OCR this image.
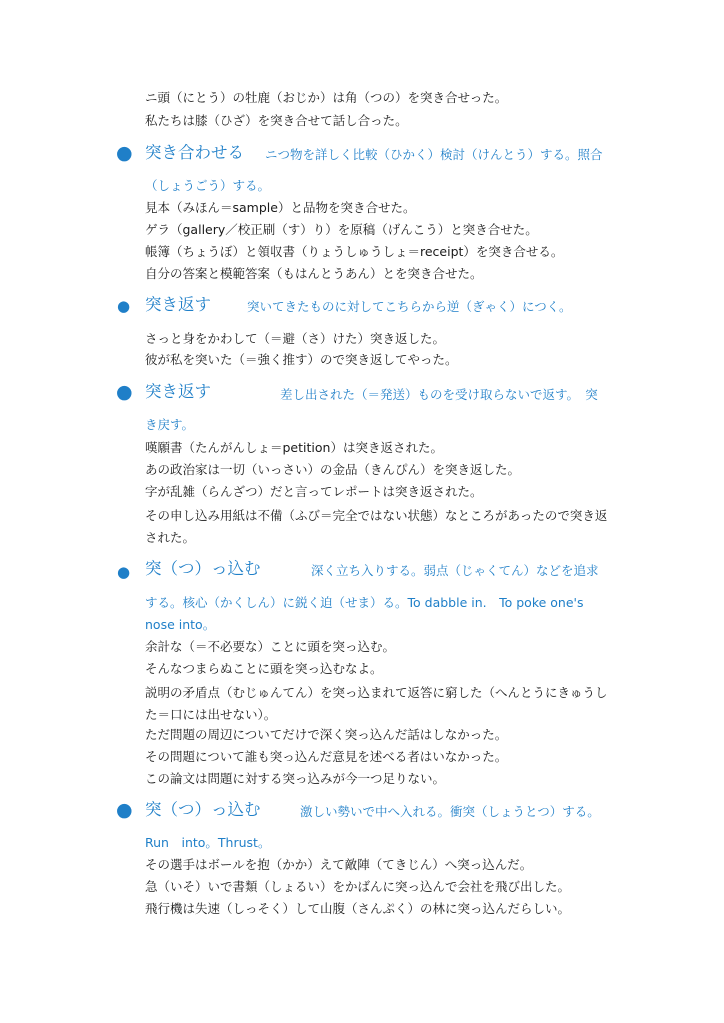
ニ頭（にとう）の牡鹿（おじか）は角（つの）を突き合せった。
私たちは膝（ひざ）を突き合せて話し合った。
● 突き合わせる ニつ物を詳しく比較（ひかく）検討（けんとう）する。照合
（しょうごう）する。
見本（みほん＝sample）と品物を突き合せた。
ゲラ（gallery／校正刷（す）り）を原稿（げんこう）と突き合せた。
帳簿（ちょうぼ）と領収書（りょうしゅうしょ＝receipt）を突き合せる。
自分の答案と模範答案（もはんとうあん）とを突き合せた。
● 突き返す	突いてきたものに対してこちらから逆（ぎゃく）につく。
さっと身をかわして（＝避（さ）けた）突き返した。
彼が私を突いた（＝強く推す）ので突き返してやった。
● 突き返す	差し出された（＝発送）ものを受け取らないで返す。　突
き戻す。
嘆願書（たんがんしょ＝petition）は突き返された。
あの政治家は一切（いっさい）の金品（きんぴん）を突き返した。
字が乱雑（らんざつ）だと言ってレポートは突き返された。
その申し込み用紙は不備（ふび＝完全ではない状態）なところがあったので突き返された。
● 突（つ）っ込む	深く立ち入りする。弱点（じゃくてん）などを追求
する。核心（かくしん）に鋭く迫（せま）る。To dabble in.　To poke one's
nose into。
余計な（＝不必要な）ことに頭を突っ込む。
そんなつまらぬことに頭を突っ込むなよ。
説明の矛盾点（むじゅんてん）を突っ込まれて返答に窮した（へんとうにきゅうした＝口には出せない）。
ただ問題の周辺についてだけで深く突っ込んだ話はしなかった。
その問題について誰も突っ込んだ意見を述べる者はいなかった。
この論文は問題に対する突っ込みが今一つ足りない。
● 突（つ）っ込む	激しい勢いで中へ入れる。衝突（しょうとつ）する。
Run　into。Thrust。
その選手はボールを抱（かか）えて敵陣（てきじん）へ突っ込んだ。
急（いそ）いで書類（しょるい）をかばんに突っ込んで会社を飛び出した。
飛行機は失速（しっそく）して山腹（さんぷく）の林に突っ込んだらしい。
